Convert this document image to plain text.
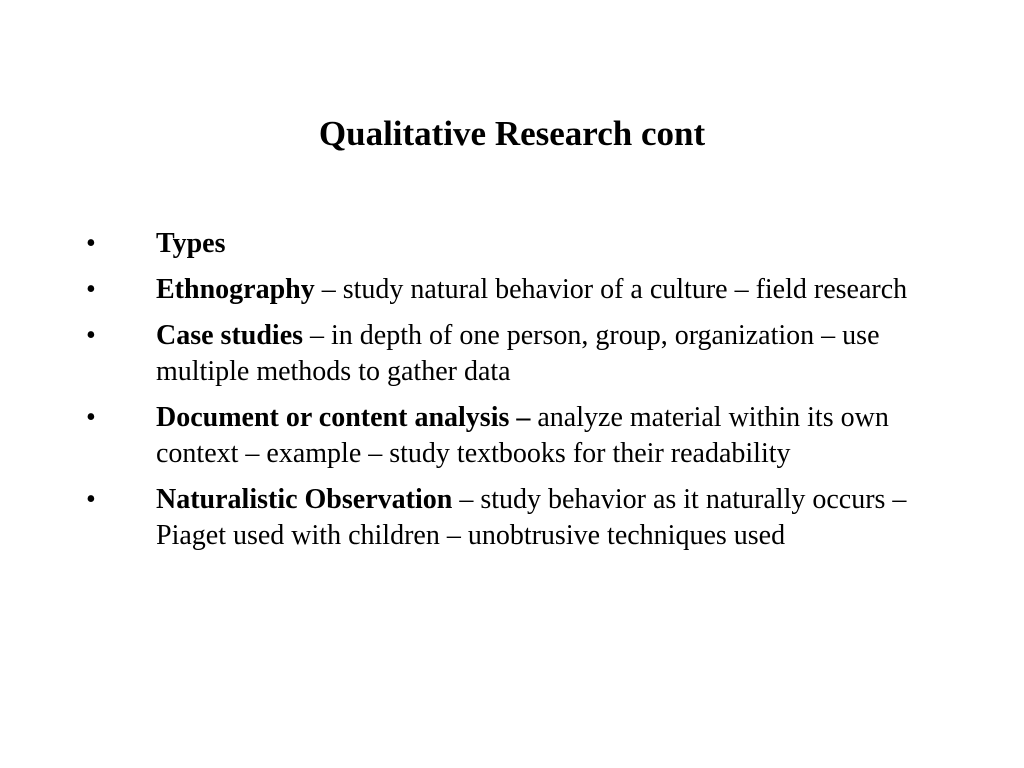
Qualitative Research cont
•	Types
•	Ethnography – study natural behavior of a culture – field research
•	Case studies – in depth of one person, group, organization – use multiple methods to gather data
•	Document or content analysis – analyze material within its own context – example – study textbooks for their readability
•	Naturalistic Observation – study behavior as it naturally occurs – Piaget used with children – unobtrusive techniques used
